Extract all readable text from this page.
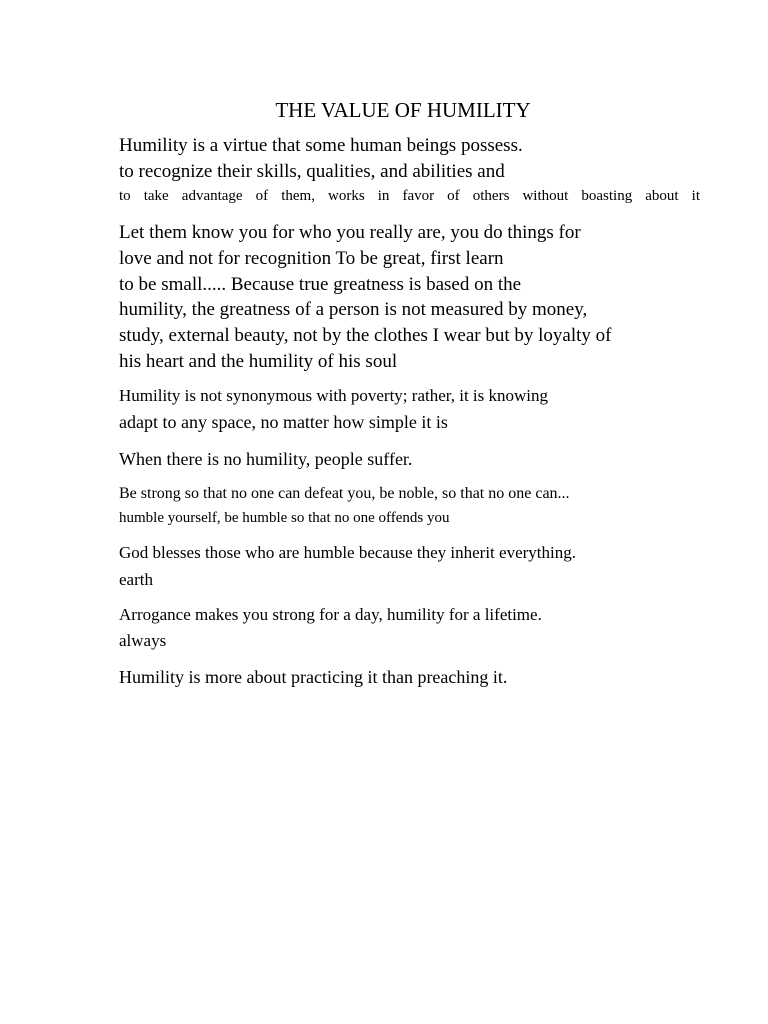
THE VALUE OF HUMILITY
Humility is a virtue that some human beings possess.
to recognize their skills, qualities, and abilities and
to take advantage of them, works in favor of others without boasting about it
Let them know you for who you really are, you do things for
love and not for recognition To be great, first learn
to be small..... Because true greatness is based on the
humility, the greatness of a person is not measured by money,
study, external beauty, not by the clothes I wear but by loyalty of
his heart and the humility of his soul
Humility is not synonymous with poverty; rather, it is knowing
adapt to any space, no matter how simple it is
When there is no humility, people suffer.
Be strong so that no one can defeat you, be noble, so that no one can...
humble yourself, be humble so that no one offends you
God blesses those who are humble because they inherit everything.
earth
Arrogance makes you strong for a day, humility for a lifetime.
always
Humility is more about practicing it than preaching it.
